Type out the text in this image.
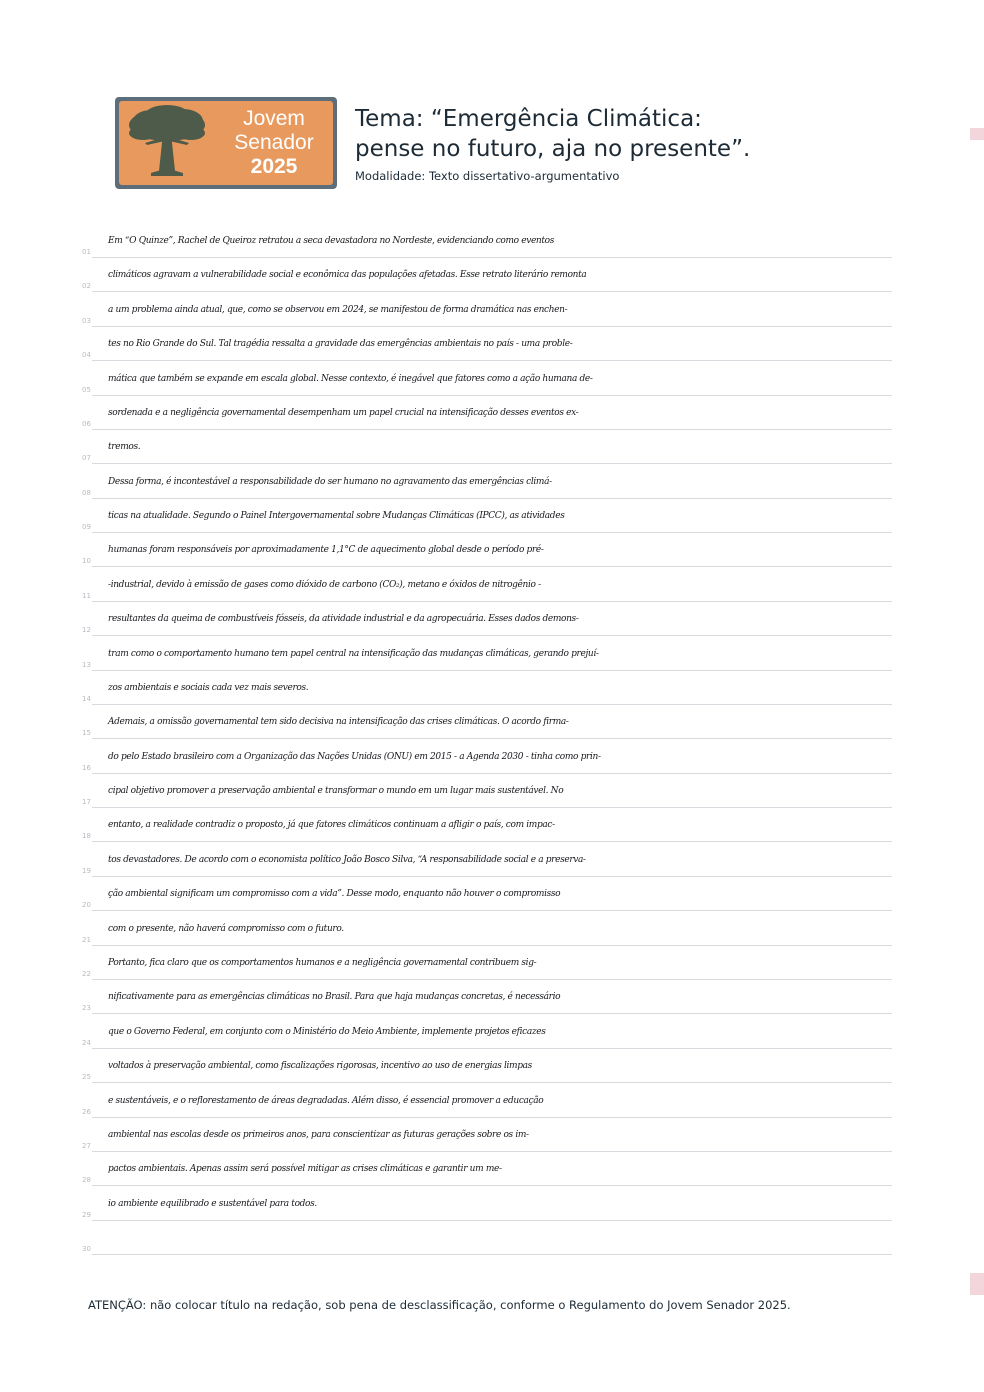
Jovem
Senador
2025
Tema: “Emergência Climática:
pense no futuro, aja no presente”.
Modalidade: Texto dissertativo-argumentativo
01
Em “O Quinze”, Rachel de Queiroz retratou a seca devastadora no Nordeste, evidenciando como eventos
02
climáticos agravam a vulnerabilidade social e econômica das populações afetadas. Esse retrato literário remonta
03
a um problema ainda atual, que, como se observou em 2024, se manifestou de forma dramática nas enchen-
04
tes no Rio Grande do Sul. Tal tragédia ressalta a gravidade das emergências ambientais no país - uma proble-
05
mática que também se expande em escala global. Nesse contexto, é inegável que fatores como a ação humana de-
06
sordenada e a negligência governamental desempenham um papel crucial na intensificação desses eventos ex-
07
tremos.
08
Dessa forma, é incontestável a responsabilidade do ser humano no agravamento das emergências climá-
09
ticas na atualidade. Segundo o Painel Intergovernamental sobre Mudanças Climáticas (IPCC), as atividades
10
humanas foram responsáveis por aproximadamente 1,1°C de aquecimento global desde o período pré-
11
-industrial, devido à emissão de gases como dióxido de carbono (CO₂), metano e óxidos de nitrogênio -
12
resultantes da queima de combustíveis fósseis, da atividade industrial e da agropecuária. Esses dados demons-
13
tram como o comportamento humano tem papel central na intensificação das mudanças climáticas, gerando prejuí-
14
zos ambientais e sociais cada vez mais severos.
15
Ademais, a omissão governamental tem sido decisiva na intensificação das crises climáticas. O acordo firma-
16
do pelo Estado brasileiro com a Organização das Nações Unidas (ONU) em 2015 - a Agenda 2030 - tinha como prin-
17
cipal objetivo promover a preservação ambiental e transformar o mundo em um lugar mais sustentável. No
18
entanto, a realidade contradiz o proposto, já que fatores climáticos continuam a afligir o país, com impac-
19
tos devastadores. De acordo com o economista político João Bosco Silva, “A responsabilidade social e a preserva-
20
ção ambiental significam um compromisso com a vida”. Desse modo, enquanto não houver o compromisso
21
com o presente, não haverá compromisso com o futuro.
22
Portanto, fica claro que os comportamentos humanos e a negligência governamental contribuem sig-
23
nificativamente para as emergências climáticas no Brasil. Para que haja mudanças concretas, é necessário
24
que o Governo Federal, em conjunto com o Ministério do Meio Ambiente, implemente projetos eficazes
25
voltados à preservação ambiental, como fiscalizações rigorosas, incentivo ao uso de energias limpas
26
e sustentáveis, e o reflorestamento de áreas degradadas. Além disso, é essencial promover a educação
27
ambiental nas escolas desde os primeiros anos, para conscientizar as futuras gerações sobre os im-
28
pactos ambientais. Apenas assim será possível mitigar as crises climáticas e garantir um me-
29
io ambiente equilibrado e sustentável para todos.
30
ATENÇÃO: não colocar título na redação, sob pena de desclassificação, conforme o Regulamento do Jovem Senador 2025.
